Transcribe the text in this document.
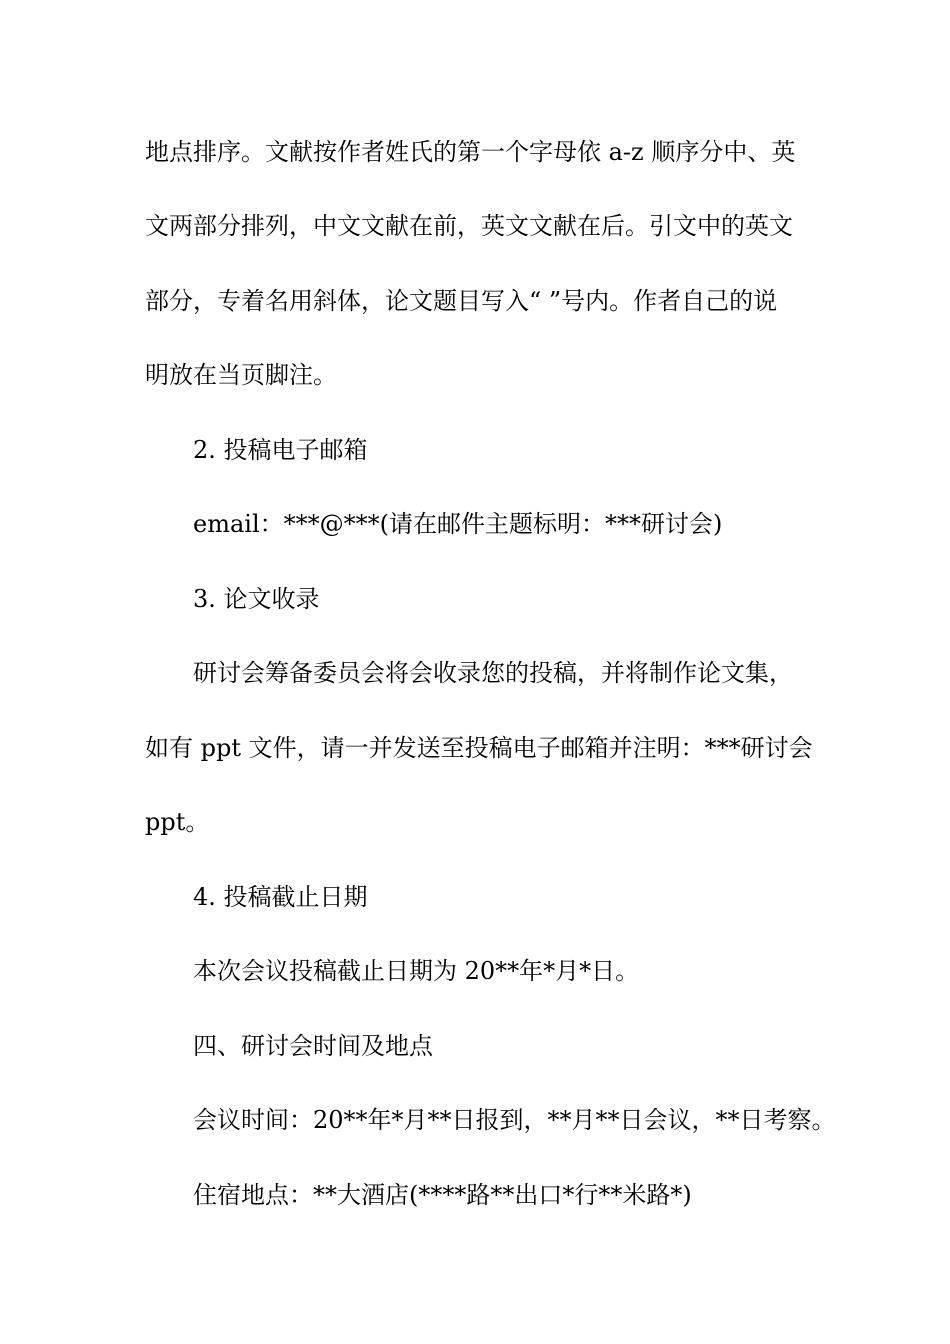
地点排序。文献按作者姓氏的第一个字母依 a-z 顺序分中、英
文两部分排列，中文文献在前，英文文献在后。引文中的英文
部分，专着名用斜体，论文题目写入“ ”号内。作者自己的说
明放在当页脚注。
2. 投稿电子邮箱
email：***@***(请在邮件主题标明：***研讨会)
3. 论文收录
研讨会筹备委员会将会收录您的投稿，并将制作论文集，
如有 ppt 文件，请一并发送至投稿电子邮箱并注明：***研讨会
ppt。
4. 投稿截止日期
本次会议投稿截止日期为 20**年*月*日。
四、研讨会时间及地点
会议时间：20**年*月**日报到，**月**日会议，**日考察。
住宿地点：**大酒店(****路**出口*行**米路*)
